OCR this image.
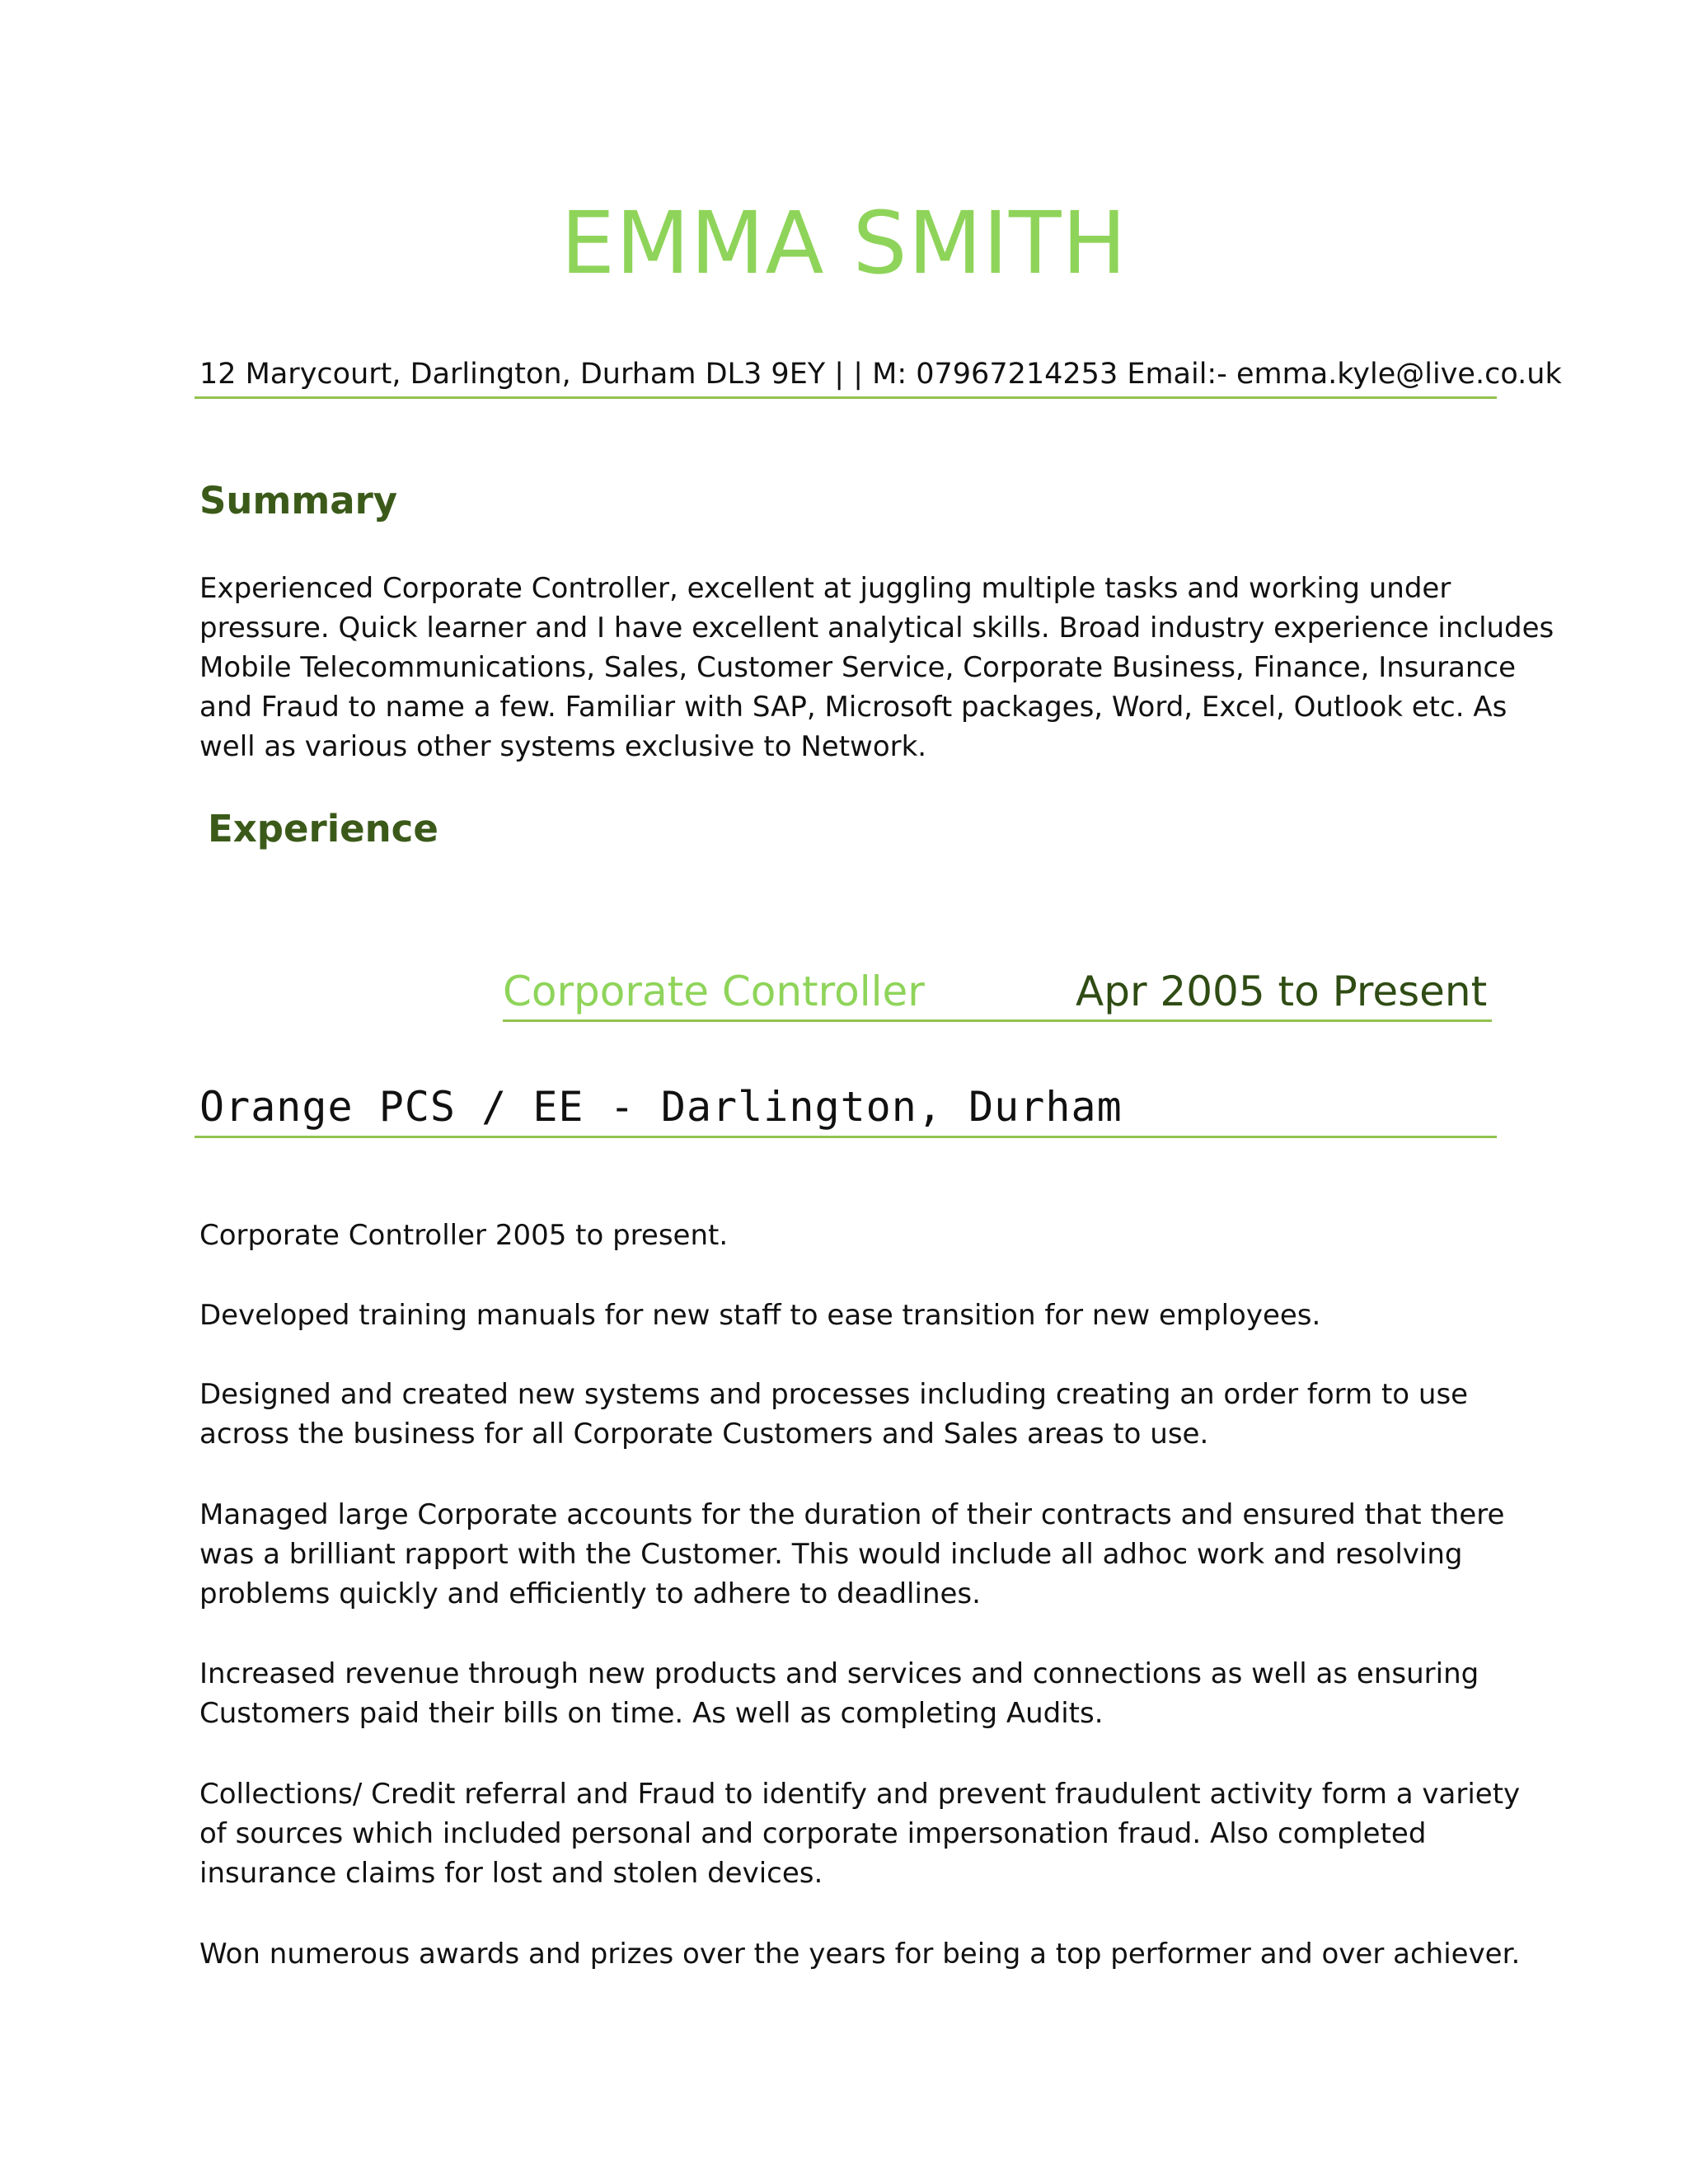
EMMA SMITH
12 Marycourt, Darlington, Durham DL3 9EY | | M: 07967214253 Email:- emma.kyle@live.co.uk
Summary

Experienced Corporate Controller, excellent at juggling multiple tasks and working under

pressure. Quick learner and I have excellent analytical skills. Broad industry experience includes

Mobile Telecommunications, Sales, Customer Service, Corporate Business, Finance, Insurance

and Fraud to name a few. Familiar with SAP, Microsoft packages, Word, Excel, Outlook etc. As

well as various other systems exclusive to Network.

Experience
Corporate Controller	Apr 2005 to Present
Orange PCS / EE - Darlington, Durham

Corporate Controller 2005 to present.

Developed training manuals for new staff to ease transition for new employees.

Designed and created new systems and processes including creating an order form to use

across the business for all Corporate Customers and Sales areas to use.

Managed large Corporate accounts for the duration of their contracts and ensured that there

was a brilliant rapport with the Customer. This would include all adhoc work and resolving

problems quickly and efficiently to adhere to deadlines.

Increased revenue through new products and services and connections as well as ensuring

Customers paid their bills on time. As well as completing Audits.

Collections/ Credit referral and Fraud to identify and prevent fraudulent activity form a variety

of sources which included personal and corporate impersonation fraud. Also completed

insurance claims for lost and stolen devices.

Won numerous awards and prizes over the years for being a top performer and over achiever.
